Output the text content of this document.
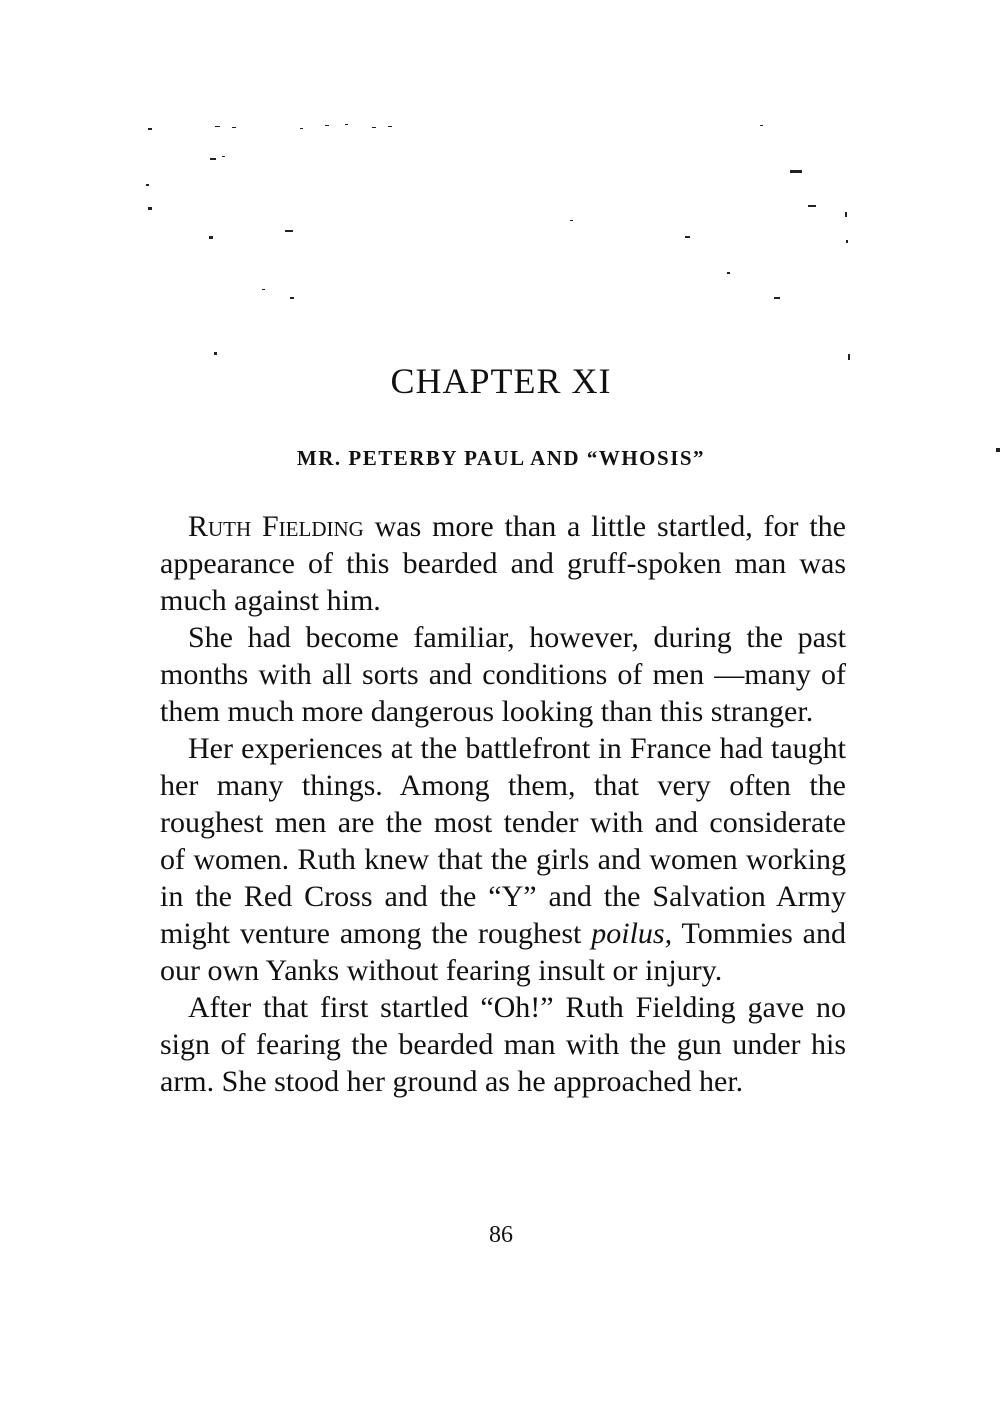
CHAPTER XI
MR. PETERBY PAUL AND “WHOSIS”

Ruth Fielding was more than a little startled, for the appearance of this bearded and gruff-spoken man was much against him.

She had become familiar, however, during the past months with all sorts and conditions of men —many of them much more dangerous looking than this stranger.

Her experiences at the battlefront in France had taught her many things. Among them, that very often the roughest men are the most tender with and considerate of women. Ruth knew that the girls and women working in the Red Cross and the “Y” and the Salvation Army might venture among the roughest poilus, Tommies and our own Yanks without fearing insult or injury.

After that first startled “Oh!” Ruth Fielding gave no sign of fearing the bearded man with the gun under his arm. She stood her ground as he approached her.

86
